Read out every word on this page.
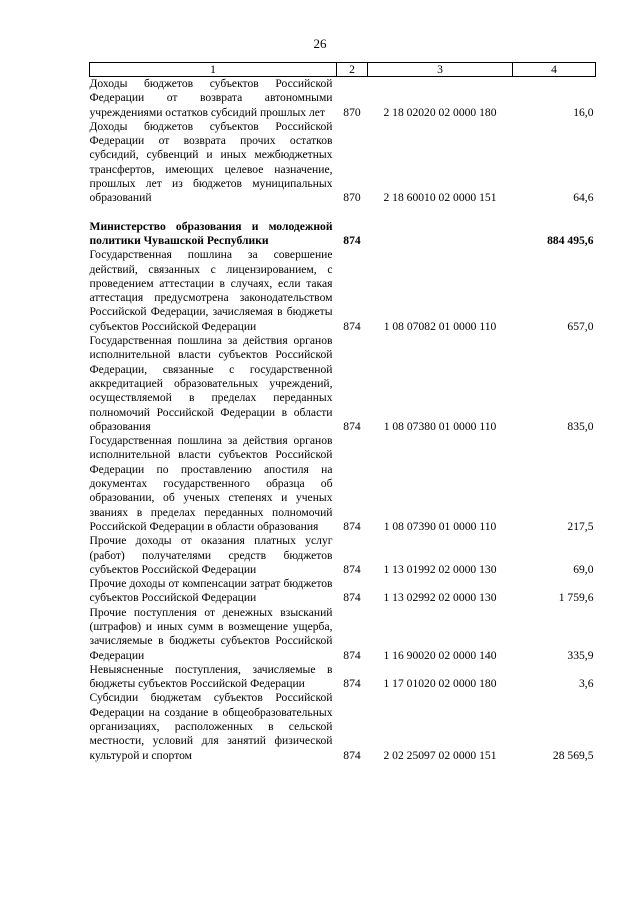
26
1	2	3	4
Доходы бюджетов субъектов Российской Федерации от возврата автономными учреждениями остатков субсидий прошлых лет	870	2 18 02020 02 0000 180	16,0
Доходы бюджетов субъектов Российской Федерации от возврата прочих остатков субсидий, субвенций и иных межбюджетных трансфертов, имеющих целевое назначение, прошлых лет из бюджетов муниципальных образований	870	2 18 60010 02 0000 151	64,6

Министерство образования и молодежной политики Чувашской Республики	874		884 495,6
Государственная пошлина за совершение действий, связанных с лицензированием, с проведением аттестации в случаях, если такая аттестация предусмотрена законодательством Российской Федерации, зачисляемая в бюджеты субъектов Российской Федерации	874	1 08 07082 01 0000 110	657,0
Государственная пошлина за действия органов исполнительной власти субъектов Российской Федерации, связанные с государственной аккредитацией образовательных учреждений, осуществляемой в пределах переданных полномочий Российской Федерации в области образования	874	1 08 07380 01 0000 110	835,0
Государственная пошлина за действия органов исполнительной власти субъектов Российской Федерации по проставлению апостиля на документах государственного образца об образовании, об ученых степенях и ученых званиях в пределах переданных полномочий Российской Федерации в области образования	874	1 08 07390 01 0000 110	217,5
Прочие доходы от оказания платных услуг (работ) получателями средств бюджетов субъектов Российской Федерации	874	1 13 01992 02 0000 130	69,0
Прочие доходы от компенсации затрат бюджетов субъектов Российской Федерации	874	1 13 02992 02 0000 130	1 759,6
Прочие поступления от денежных взысканий (штрафов) и иных сумм в возмещение ущерба, зачисляемые в бюджеты субъектов Российской Федерации	874	1 16 90020 02 0000 140	335,9
Невыясненные поступления, зачисляемые в бюджеты субъектов Российской Федерации	874	1 17 01020 02 0000 180	3,6
Субсидии бюджетам субъектов Российской Федерации на создание в общеобразовательных организациях, расположенных в сельской местности, условий для занятий физической культурой и спортом	874	2 02 25097 02 0000 151	28 569,5
